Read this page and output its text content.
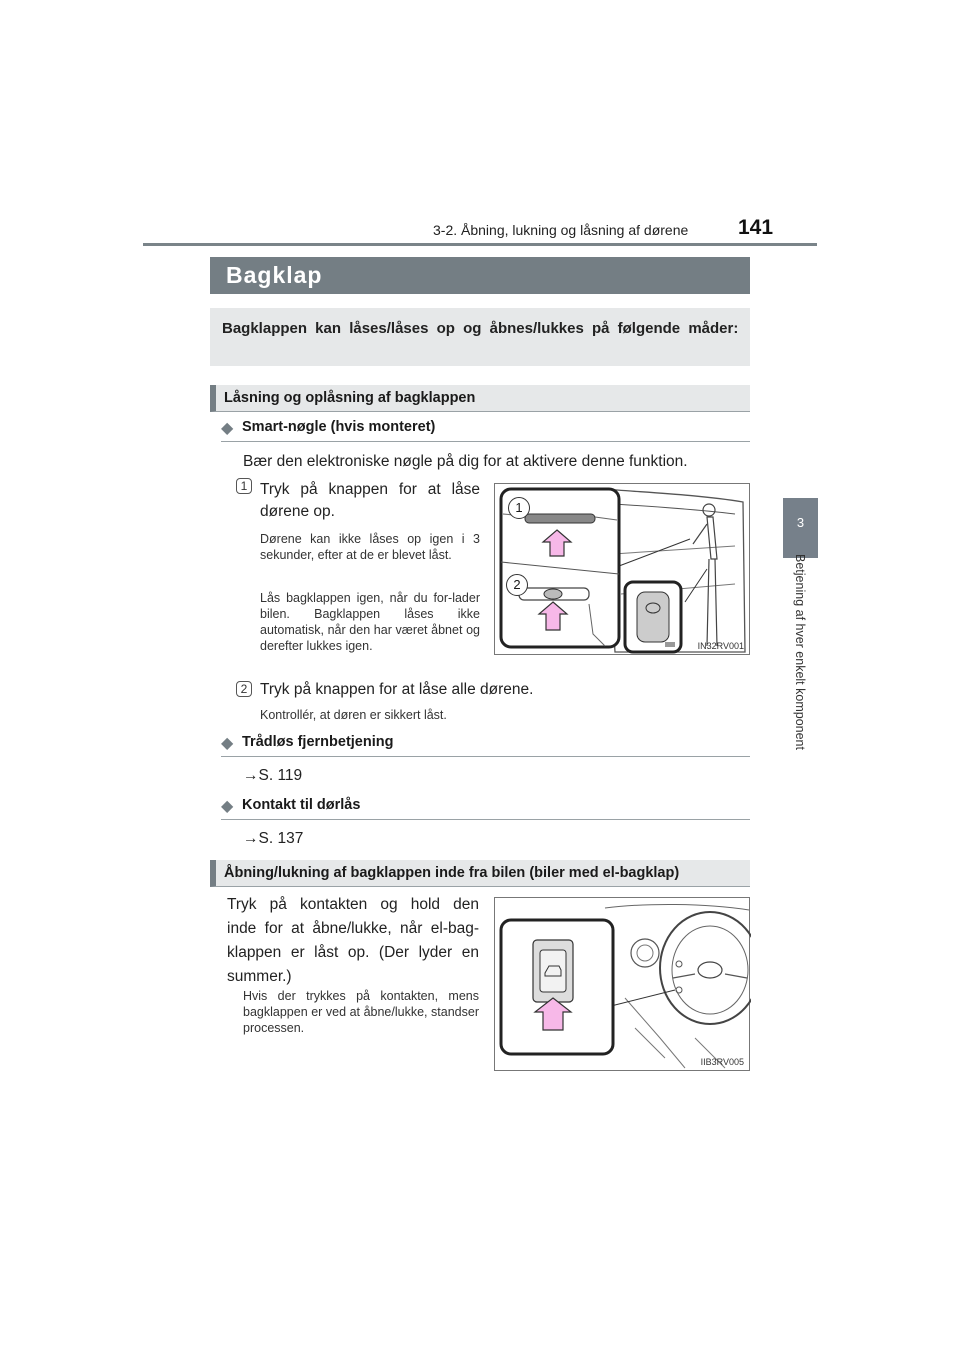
3-2. Åbning, lukning og låsning af dørene 141
3
Betjening af hver enkelt komponent
Bagklap

Bagklappen kan låses/låses op og åbnes/lukkes på følgende måder:

Låsning og oplåsning af bagklappen
◆ Smart-nøgle (hvis monteret)
Bær den elektroniske nøgle på dig for at aktivere denne funktion.
1 Tryk på knappen for at låse
dørene op.
Dørene kan ikke låses op igen i 3 sekunder, efter at de er blevet låst.
Lås bagklappen igen, når du for-lader bilen. Bagklappen låses ikke automatisk, når den har været åbnet og derefter lukkes igen.
1
2
IN32RV001
2 Tryk på knappen for at låse alle dørene.
Kontrollér, at døren er sikkert låst.
◆ Trådløs fjernbetjening
→S. 119
◆ Kontakt til dørlås
→S. 137
Åbning/lukning af bagklappen inde fra bilen (biler med el-bagklap)
Tryk på kontakten og hold den
inde for at åbne/lukke, når el-bag-
klappen er låst op. (Der lyder en
summer.)
Hvis der trykkes på kontakten, mens bagklappen er ved at åbne/lukke, standser processen.
IIB3RV005
